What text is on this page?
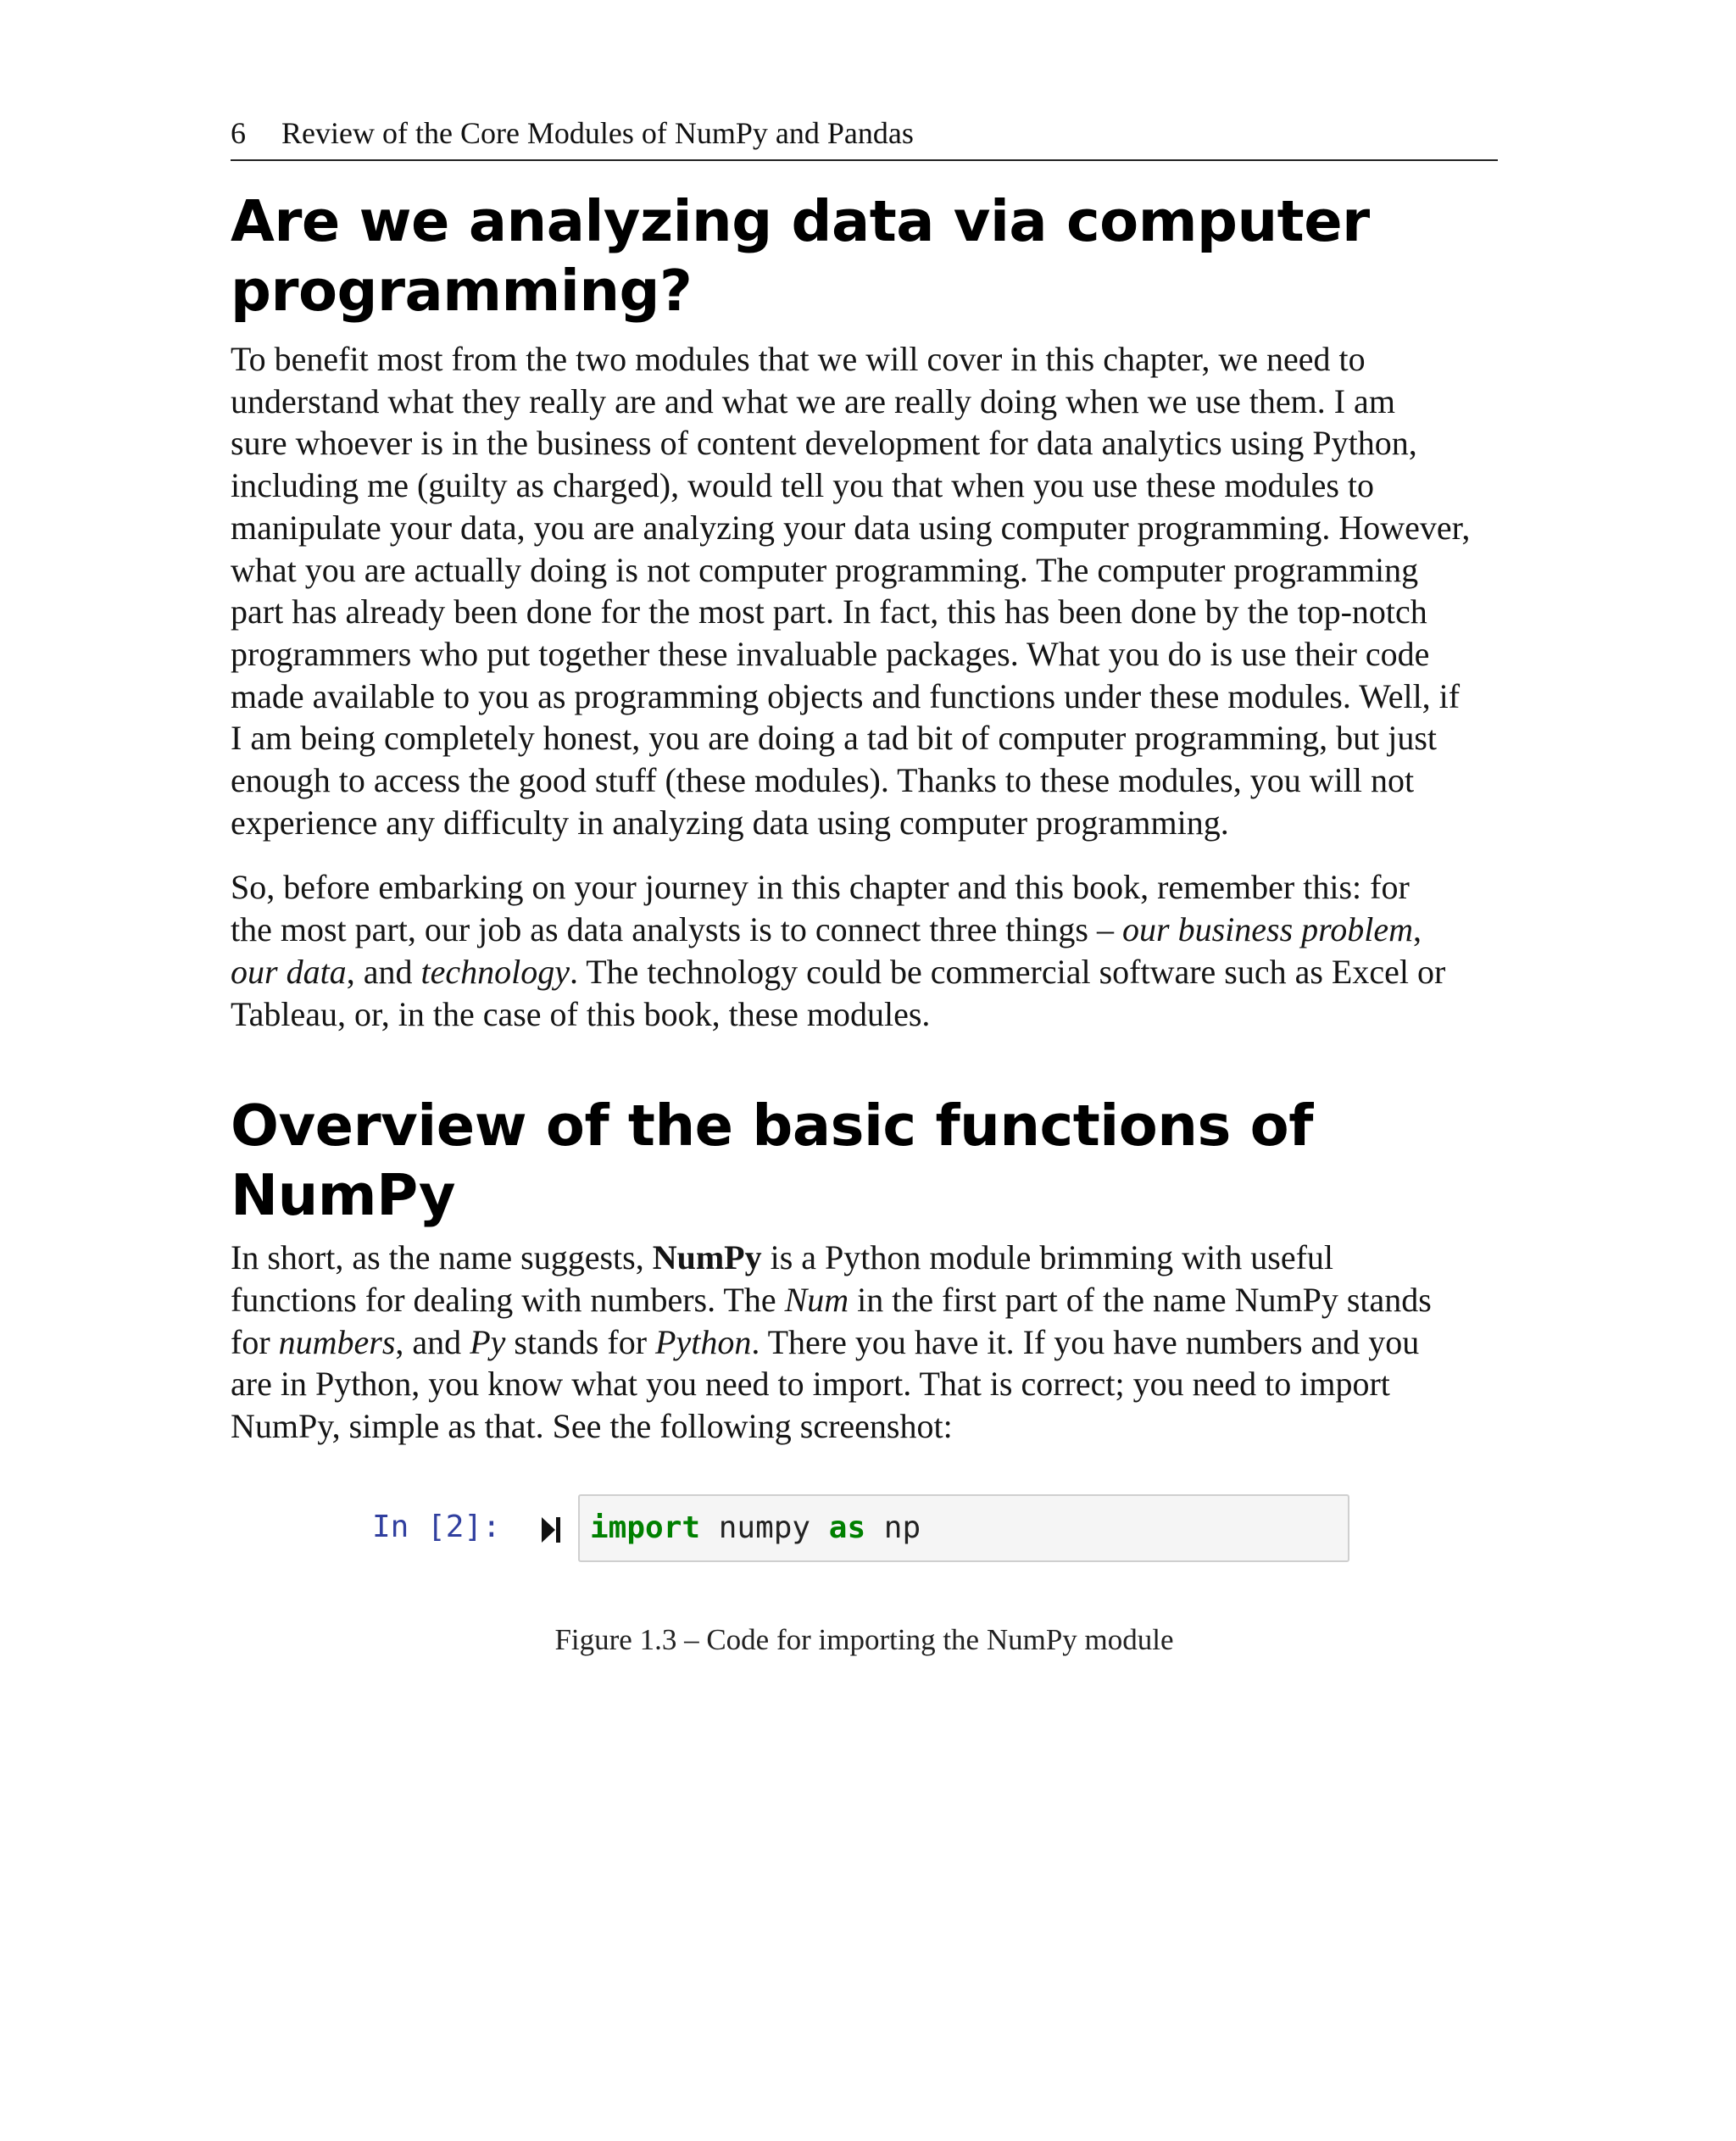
6	Review of the Core Modules of NumPy and Pandas
Are we analyzing data via computer
programming?

To benefit most from the two modules that we will cover in this chapter, we need to
understand what they really are and what we are really doing when we use them. I am
sure whoever is in the business of content development for data analytics using Python,
including me (guilty as charged), would tell you that when you use these modules to
manipulate your data, you are analyzing your data using computer programming. However,
what you are actually doing is not computer programming. The computer programming
part has already been done for the most part. In fact, this has been done by the top-notch
programmers who put together these invaluable packages. What you do is use their code
made available to you as programming objects and functions under these modules. Well, if
I am being completely honest, you are doing a tad bit of computer programming, but just
enough to access the good stuff (these modules). Thanks to these modules, you will not
experience any difficulty in analyzing data using computer programming.

So, before embarking on your journey in this chapter and this book, remember this: for
the most part, our job as data analysts is to connect three things – our business problem,
our data, and technology. The technology could be commercial software such as Excel or
Tableau, or, in the case of this book, these modules.

Overview of the basic functions of NumPy

In short, as the name suggests, NumPy is a Python module brimming with useful
functions for dealing with numbers. The Num in the first part of the name NumPy stands
for numbers, and Py stands for Python. There you have it. If you have numbers and you
are in Python, you know what you need to import. That is correct; you need to import
NumPy, simple as that. See the following screenshot:

In [2]:	import numpy as np
Figure 1.3 – Code for importing the NumPy module
